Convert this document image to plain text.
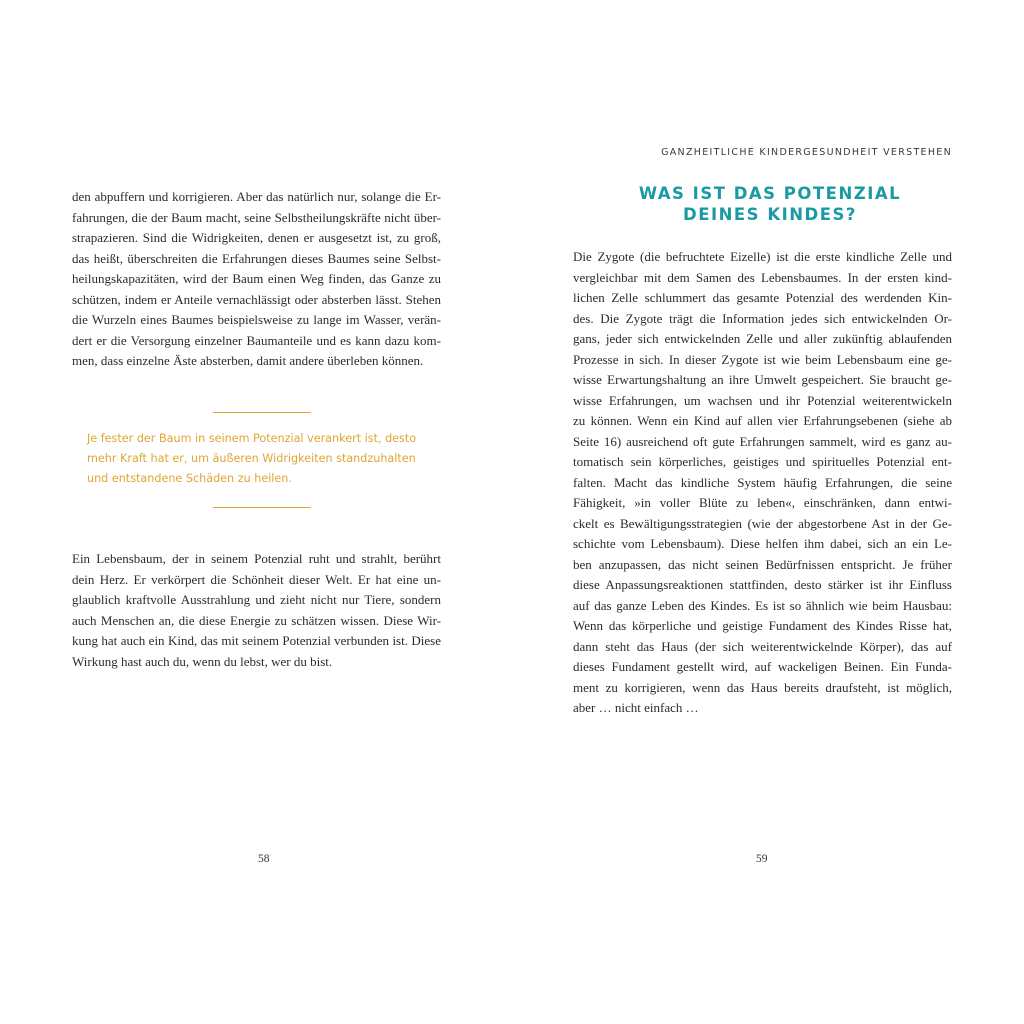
den abpuffern und korrigieren. Aber das natürlich nur, solange die Er-
fahrungen, die der Baum macht, seine Selbstheilungskräfte nicht über-
strapazieren. Sind die Widrigkeiten, denen er ausgesetzt ist, zu groß,
das heißt, überschreiten die Erfahrungen dieses Baumes seine Selbst-
heilungskapazitäten, wird der Baum einen Weg finden, das Ganze zu
schützen, indem er Anteile vernachlässigt oder absterben lässt. Stehen
die Wurzeln eines Baumes beispielsweise zu lange im Wasser, verän-
dert er die Versorgung einzelner Baumanteile und es kann dazu kom-
men, dass einzelne Äste absterben, damit andere überleben können.

Je fester der Baum in seinem Potenzial verankert ist, desto
mehr Kraft hat er, um äußeren Widrigkeiten standzuhalten
und entstandene Schäden zu heilen.

Ein Lebensbaum, der in seinem Potenzial ruht und strahlt, berührt
dein Herz. Er verkörpert die Schönheit dieser Welt. Er hat eine un-
glaublich kraftvolle Ausstrahlung und zieht nicht nur Tiere, sondern
auch Menschen an, die diese Energie zu schätzen wissen. Diese Wir-
kung hat auch ein Kind, das mit seinem Potenzial verbunden ist. Diese
Wirkung hast auch du, wenn du lebst, wer du bist.

58
GANZHEITLICHE KINDERGESUNDHEIT VERSTEHEN
WAS IST DAS POTENZIAL
DEINES KINDES?

Die Zygote (die befruchtete Eizelle) ist die erste kindliche Zelle und
vergleichbar mit dem Samen des Lebensbaumes. In der ersten kind-
lichen Zelle schlummert das gesamte Potenzial des werdenden Kin-
des. Die Zygote trägt die Information jedes sich entwickelnden Or-
gans, jeder sich entwickelnden Zelle und aller zukünftig ablaufenden
Prozesse in sich. In dieser Zygote ist wie beim Lebensbaum eine ge-
wisse Erwartungshaltung an ihre Umwelt gespeichert. Sie braucht ge-
wisse Erfahrungen, um wachsen und ihr Potenzial weiterentwickeln
zu können. Wenn ein Kind auf allen vier Erfahrungsebenen (siehe ab
Seite 16) ausreichend oft gute Erfahrungen sammelt, wird es ganz au-
tomatisch sein körperliches, geistiges und spirituelles Potenzial ent-
falten. Macht das kindliche System häufig Erfahrungen, die seine
Fähigkeit, »in voller Blüte zu leben«, einschränken, dann entwi-
ckelt es Bewältigungsstrategien (wie der abgestorbene Ast in der Ge-
schichte vom Lebensbaum). Diese helfen ihm dabei, sich an ein Le-
ben anzupassen, das nicht seinen Bedürfnissen entspricht. Je früher
diese Anpassungsreaktionen stattfinden, desto stärker ist ihr Einfluss
auf das ganze Leben des Kindes. Es ist so ähnlich wie beim Hausbau:
Wenn das körperliche und geistige Fundament des Kindes Risse hat,
dann steht das Haus (der sich weiterentwickelnde Körper), das auf
dieses Fundament gestellt wird, auf wackeligen Beinen. Ein Funda-
ment zu korrigieren, wenn das Haus bereits draufsteht, ist möglich,
aber … nicht einfach …

59
